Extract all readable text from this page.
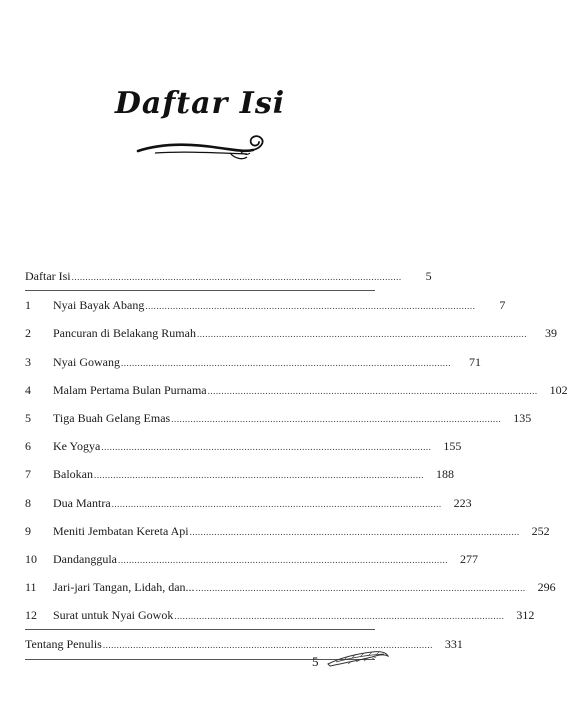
Daftar Isi
Daftar Isi ........................................................................................................................	5
1	Nyai Bayak Abang ........................................................................................................................	7
2	Pancuran di Belakang Rumah ........................................................................................................................	39
3	Nyai Gowang ........................................................................................................................	71
4	Malam Pertama Bulan Purnama ........................................................................................................................	102
5	Tiga Buah Gelang Emas ........................................................................................................................	135
6	Ke Yogya ........................................................................................................................	155
7	Balokan ........................................................................................................................	188
8	Dua Mantra ........................................................................................................................	223
9	Meniti Jembatan Kereta Api ........................................................................................................................	252
10	Dandanggula ........................................................................................................................	277
11	Jari-jari Tangan, Lidah, dan... ........................................................................................................................	296
12	Surat untuk Nyai Gowok ........................................................................................................................	312
Tentang Penulis ........................................................................................................................	331
5
